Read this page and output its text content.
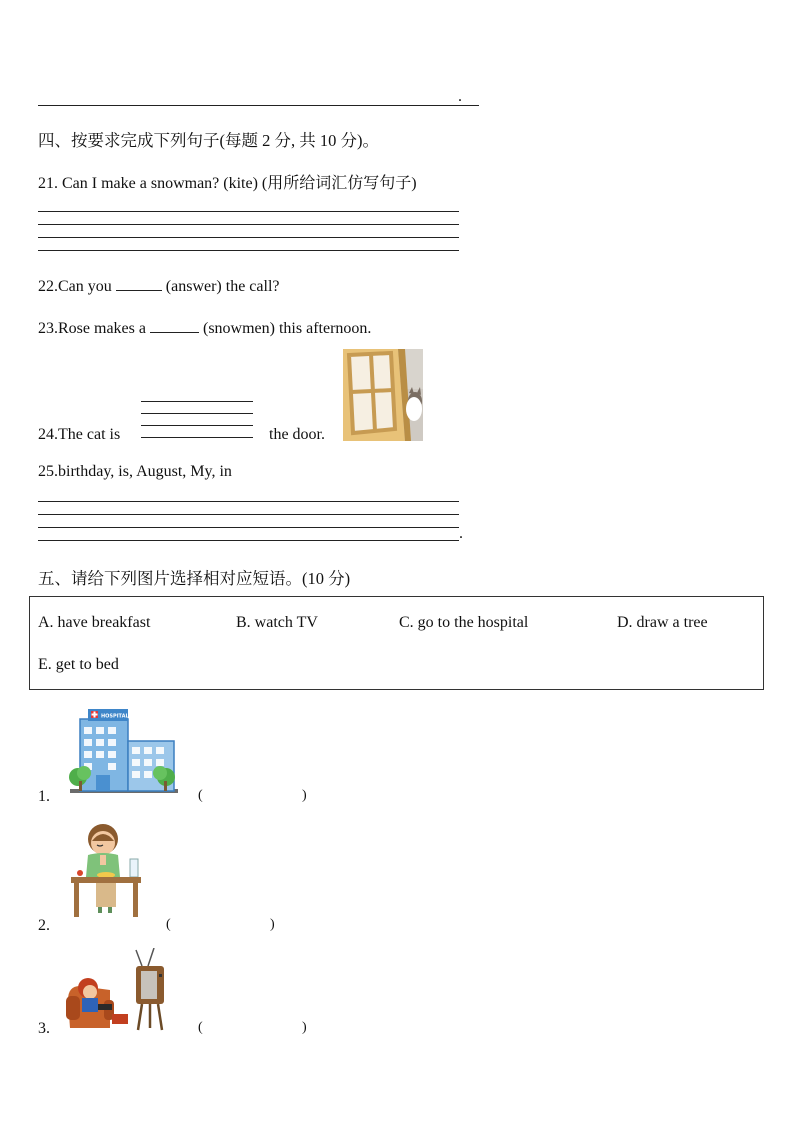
.
四、按要求完成下列句子(每题 2 分, 共 10 分)。
21. Can I make a snowman? (kite) (用所给词汇仿写句子)
22.Can you	(answer) the call?
23.Rose makes a	(snowmen) this afternoon.
24.The cat is	the door.
25.birthday, is, August, My, in
.
五、请给下列图片选择相对应短语。(10 分)
A. have breakfast	B. watch TV	C. go to the hospital	D. draw a tree
E. get to bed
1.
HOSPITAL
(	)
2.	(	)
3.	(	)
